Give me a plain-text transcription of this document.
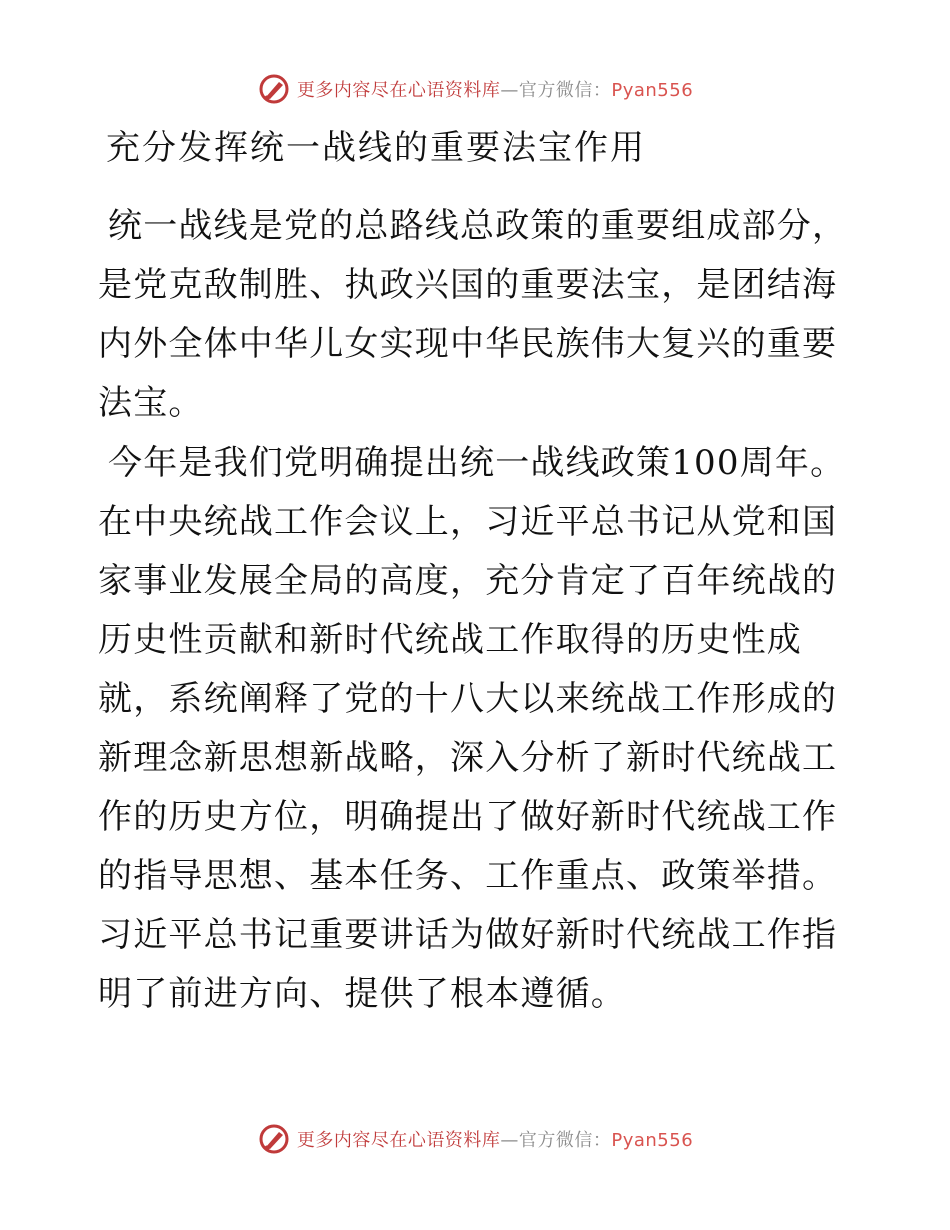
更多内容尽在心语资料库—官方微信：Pyan556
充分发挥统一战线的重要法宝作用

统一战线是党的总路线总政策的重要组成部分，是党克敌制胜、执政兴国的重要法宝，是团结海内外全体中华儿女实现中华民族伟大复兴的重要法宝。

今年是我们党明确提出统一战线政策100周年。在中央统战工作会议上，习近平总书记从党和国家事业发展全局的高度，充分肯定了百年统战的历史性贡献和新时代统战工作取得的历史性成就，系统阐释了党的十八大以来统战工作形成的新理念新思想新战略，深入分析了新时代统战工作的历史方位，明确提出了做好新时代统战工作的指导思想、基本任务、工作重点、政策举措。习近平总书记重要讲话为做好新时代统战工作指明了前进方向、提供了根本遵循。

更多内容尽在心语资料库—官方微信：Pyan556
